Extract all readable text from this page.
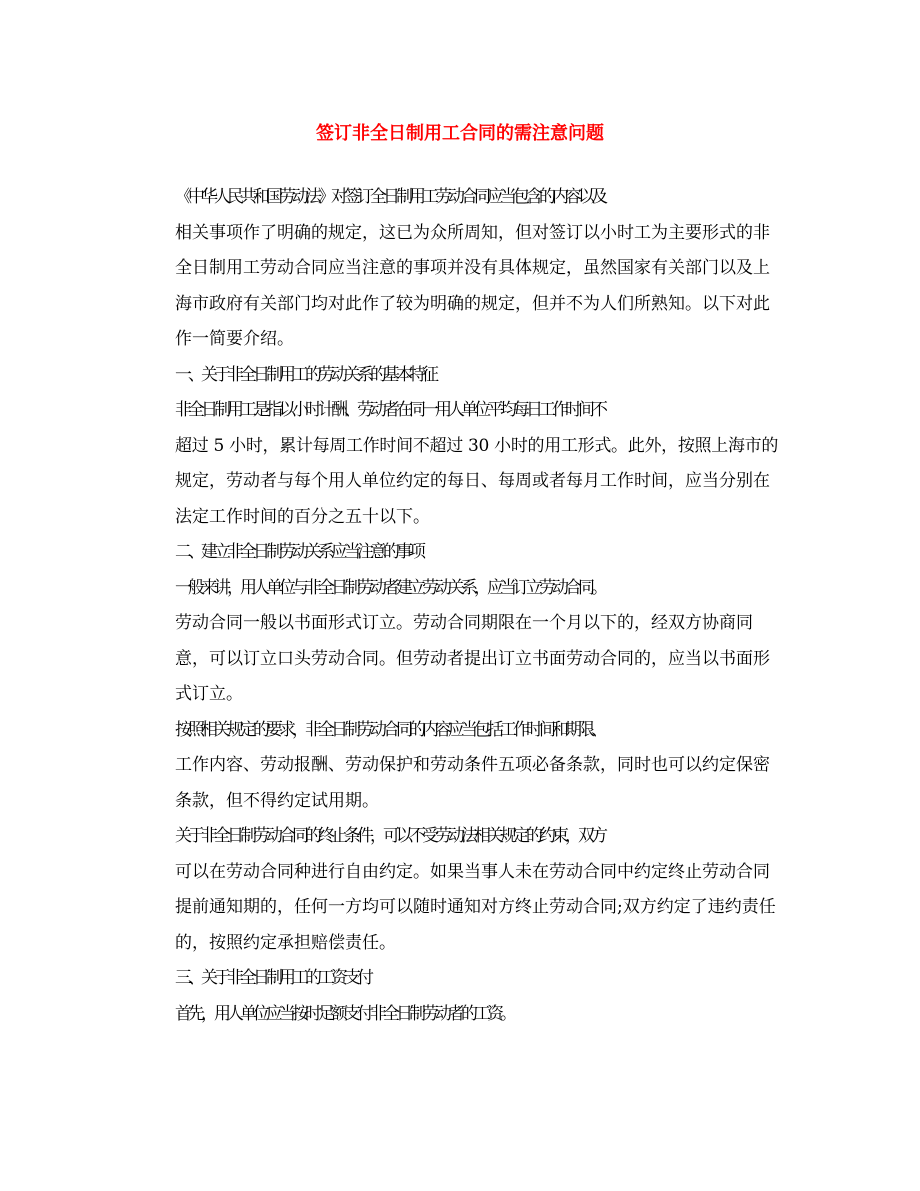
签订非全日制用工合同的需注意问题

《中华人民共和国劳动法》对签订全日制用工劳动合同应当包含的内容以及
相关事项作了明确的规定，这已为众所周知，但对签订以小时工为主要形式的非
全日制用工劳动合同应当注意的事项并没有具体规定，虽然国家有关部门以及上
海市政府有关部门均对此作了较为明确的规定，但并不为人们所熟知。以下对此
作一简要介绍。

一、关于非全日制用工的劳动关系的基本特征

非全日制用工是指以小时计酬、劳动者在同一用人单位平均每日工作时间不
超过 5 小时，累计每周工作时间不超过 30 小时的用工形式。此外，按照上海市的
规定，劳动者与每个用人单位约定的每日、每周或者每月工作时间，应当分别在
法定工作时间的百分之五十以下。

二、建立非全日制劳动关系应当注意的事项

一般来讲，用人单位与非全日制劳动者建立劳动关系，应当订立劳动合同。
劳动合同一般以书面形式订立。劳动合同期限在一个月以下的，经双方协商同
意，可以订立口头劳动合同。但劳动者提出订立书面劳动合同的，应当以书面形
式订立。

按照相关规定的要求，非全日制劳动合同的内容应当包括工作时间和期限、
工作内容、劳动报酬、劳动保护和劳动条件五项必备条款，同时也可以约定保密
条款，但不得约定试用期。

关于非全日制劳动合同的终止条件，可以不受劳动法相关规定的约束，双方
可以在劳动合同种进行自由约定。如果当事人未在劳动合同中约定终止劳动合同
提前通知期的，任何一方均可以随时通知对方终止劳动合同;双方约定了违约责任
的，按照约定承担赔偿责任。

三、关于非全日制用工的工资支付

首先，用人单位应当按时足额支付非全日制劳动者的工资。
